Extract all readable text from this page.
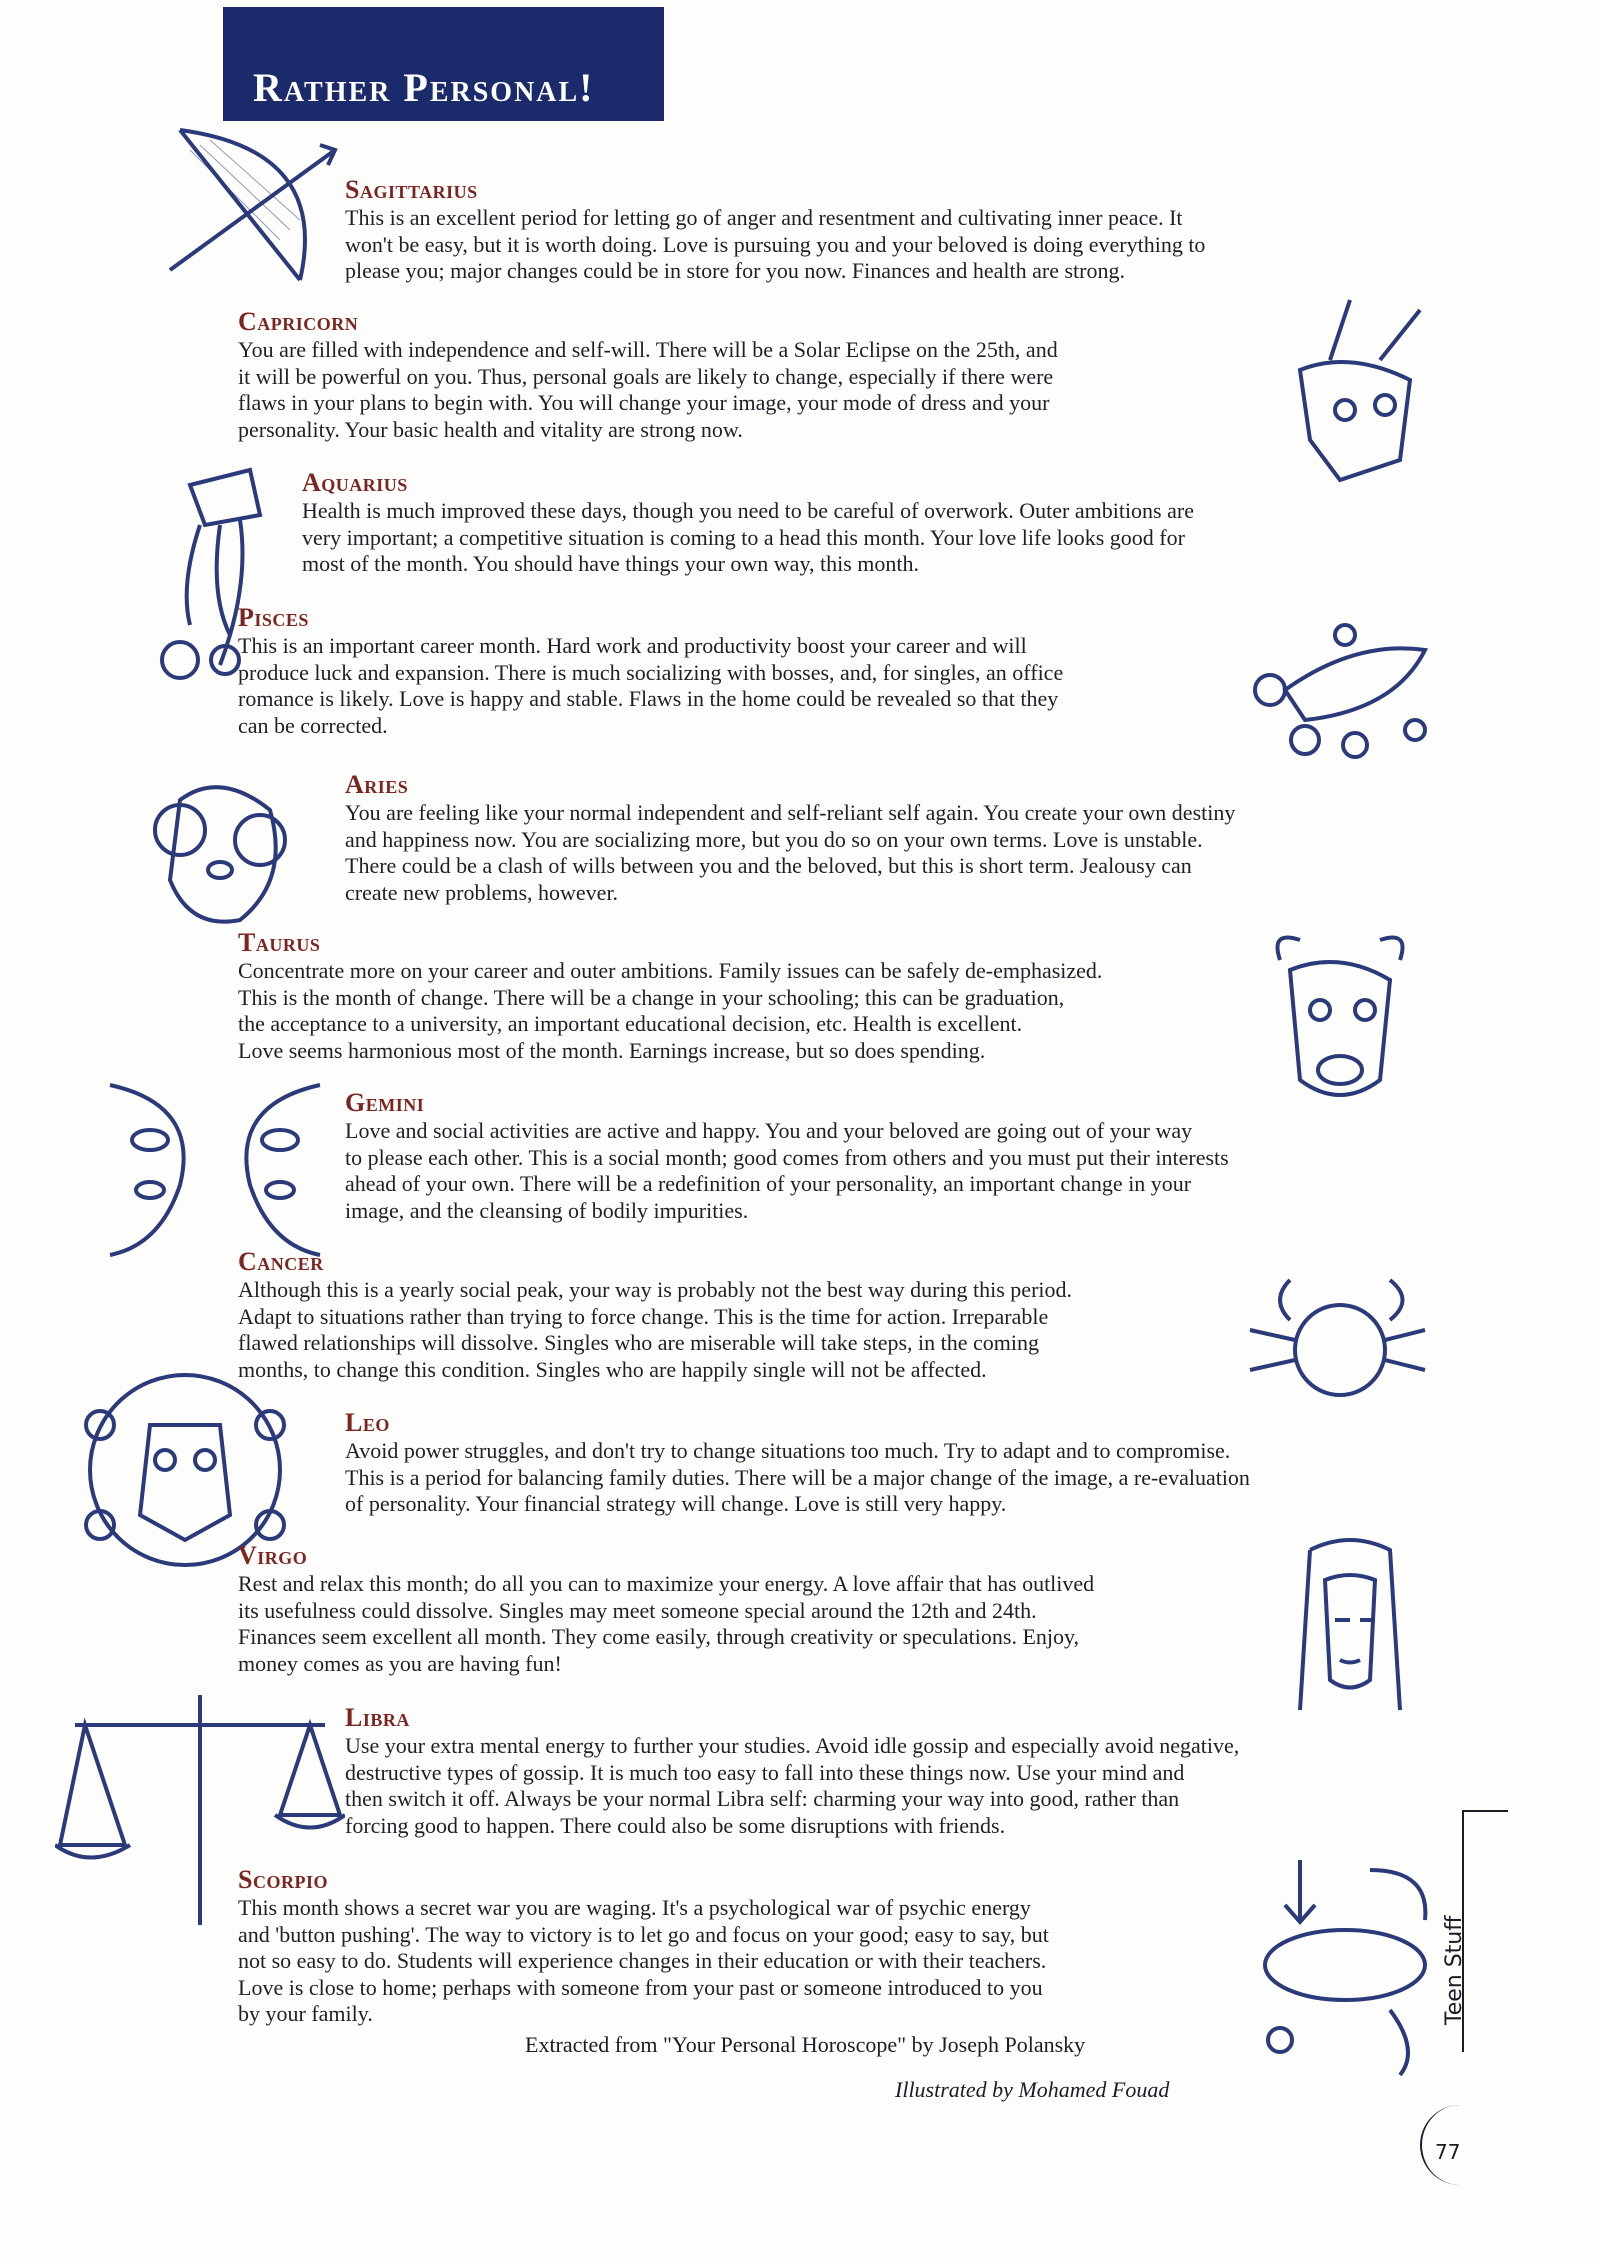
Rather Personal!
Sagittarius

This is an excellent period for letting go of anger and resentment and cultivating inner peace. It

won't be easy, but it is worth doing. Love is pursuing you and your beloved is doing everything to

please you; major changes could be in store for you now. Finances and health are strong.

Capricorn

You are filled with independence and self-will. There will be a Solar Eclipse on the 25th, and

it will be powerful on you. Thus, personal goals are likely to change, especially if there were

flaws in your plans to begin with. You will change your image, your mode of dress and your

personality. Your basic health and vitality are strong now.

Aquarius

Health is much improved these days, though you need to be careful of overwork. Outer ambitions are

very important; a competitive situation is coming to a head this month. Your love life looks good for

most of the month. You should have things your own way, this month.

Pisces

This is an important career month. Hard work and productivity boost your career and will

produce luck and expansion. There is much socializing with bosses, and, for singles, an office

romance is likely. Love is happy and stable. Flaws in the home could be revealed so that they

can be corrected.

Aries

You are feeling like your normal independent and self-reliant self again. You create your own destiny

and happiness now. You are socializing more, but you do so on your own terms. Love is unstable.

There could be a clash of wills between you and the beloved, but this is short term. Jealousy can

create new problems, however.

Taurus

Concentrate more on your career and outer ambitions. Family issues can be safely de-emphasized.

This is the month of change. There will be a change in your schooling; this can be graduation,

the acceptance to a university, an important educational decision, etc. Health is excellent.

Love seems harmonious most of the month. Earnings increase, but so does spending.

Gemini

Love and social activities are active and happy. You and your beloved are going out of your way

to please each other. This is a social month; good comes from others and you must put their interests

ahead of your own. There will be a redefinition of your personality, an important change in your

image, and the cleansing of bodily impurities.

Cancer

Although this is a yearly social peak, your way is probably not the best way during this period.

Adapt to situations rather than trying to force change. This is the time for action. Irreparable

flawed relationships will dissolve. Singles who are miserable will take steps, in the coming

months, to change this condition. Singles who are happily single will not be affected.

Leo

Avoid power struggles, and don't try to change situations too much. Try to adapt and to compromise.

This is a period for balancing family duties. There will be a major change of the image, a re-evaluation

of personality. Your financial strategy will change. Love is still very happy.

Virgo

Rest and relax this month; do all you can to maximize your energy. A love affair that has outlived

its usefulness could dissolve. Singles may meet someone special around the 12th and 24th.

Finances seem excellent all month. They come easily, through creativity or speculations. Enjoy,

money comes as you are having fun!

Libra

Use your extra mental energy to further your studies. Avoid idle gossip and especially avoid negative,

destructive types of gossip. It is much too easy to fall into these things now. Use your mind and

then switch it off. Always be your normal Libra self: charming your way into good, rather than

forcing good to happen. There could also be some disruptions with friends.

Scorpio

This month shows a secret war you are waging. It's a psychological war of psychic energy

and 'button pushing'. The way to victory is to let go and focus on your good; easy to say, but

not so easy to do. Students will experience changes in their education or with their teachers.

Love is close to home; perhaps with someone from your past or someone introduced to you

by your family.

Extracted from "Your Personal Horoscope" by Joseph Polansky
Illustrated by Mohamed Fouad
Teen Stuff
77
